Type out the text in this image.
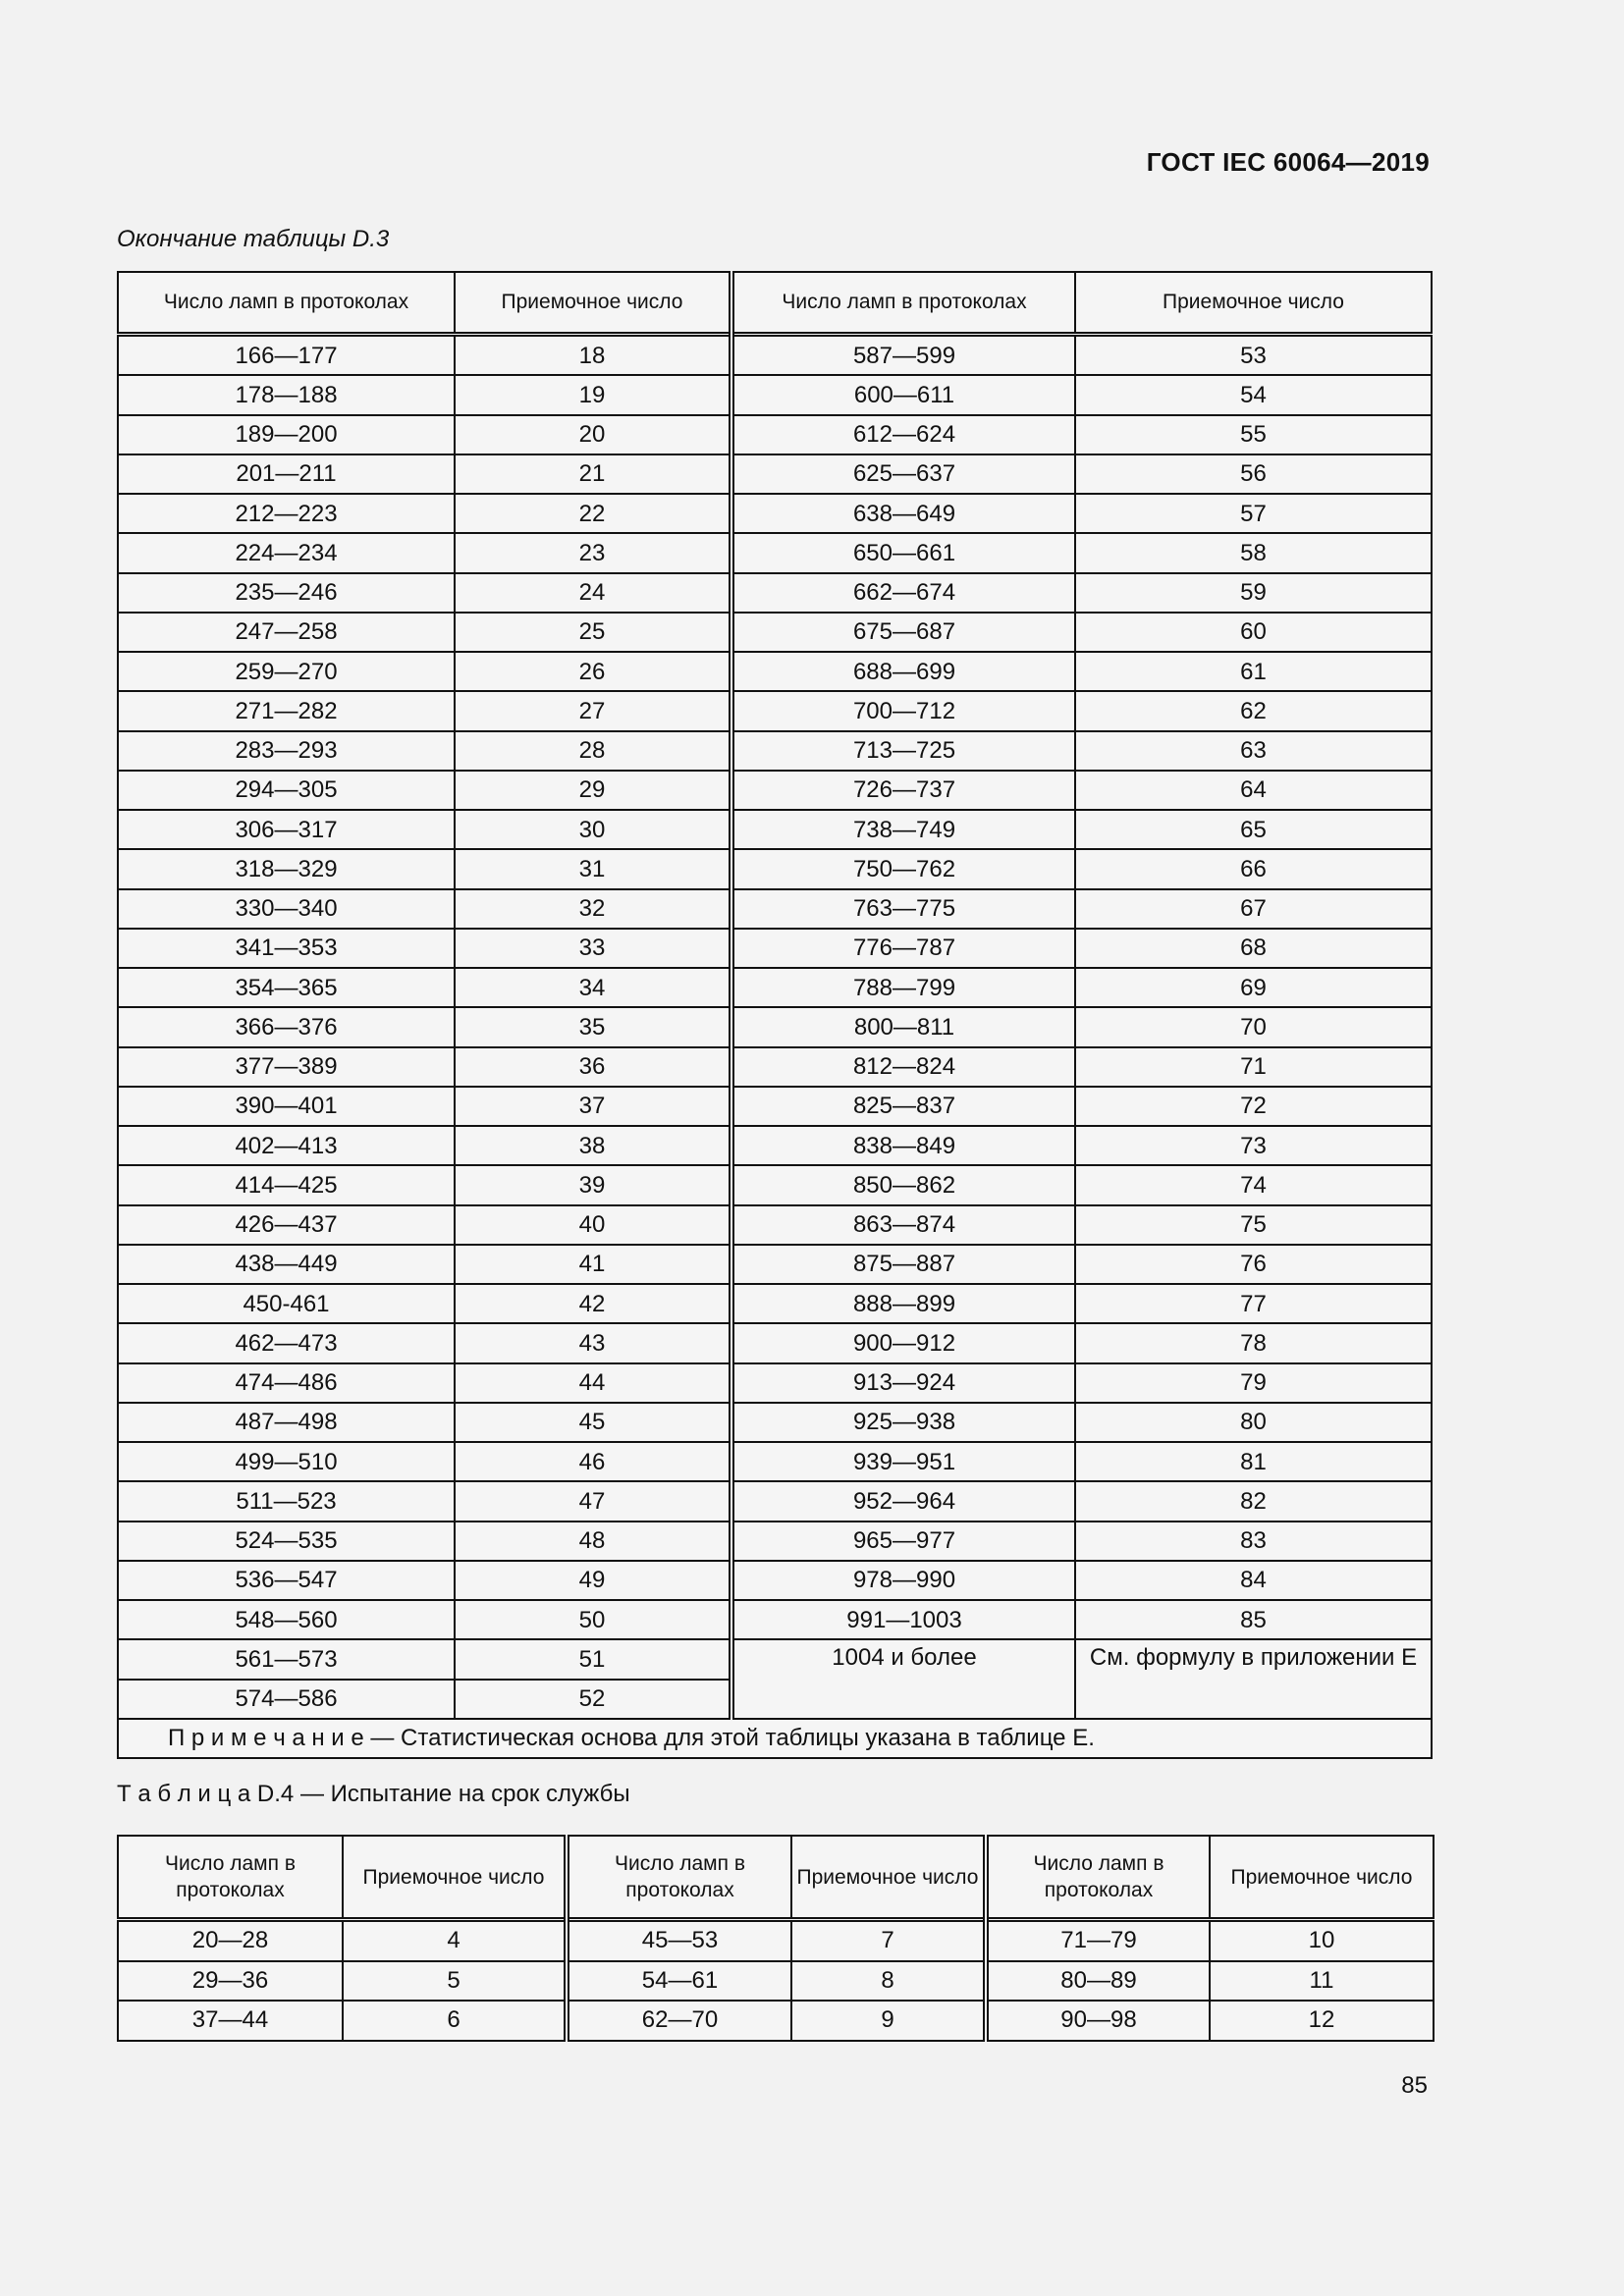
ГОСТ IEC 60064—2019
Окончание таблицы D.3
Число ламп в протоколах	Приемочное число	Число ламп в протоколах	Приемочное число
166—177	18	587—599	53
178—188	19	600—611	54
189—200	20	612—624	55
201—211	21	625—637	56
212—223	22	638—649	57
224—234	23	650—661	58
235—246	24	662—674	59
247—258	25	675—687	60
259—270	26	688—699	61
271—282	27	700—712	62
283—293	28	713—725	63
294—305	29	726—737	64
306—317	30	738—749	65
318—329	31	750—762	66
330—340	32	763—775	67
341—353	33	776—787	68
354—365	34	788—799	69
366—376	35	800—811	70
377—389	36	812—824	71
390—401	37	825—837	72
402—413	38	838—849	73
414—425	39	850—862	74
426—437	40	863—874	75
438—449	41	875—887	76
450-461	42	888—899	77
462—473	43	900—912	78
474—486	44	913—924	79
487—498	45	925—938	80
499—510	46	939—951	81
511—523	47	952—964	82
524—535	48	965—977	83
536—547	49	978—990	84
548—560	50	991—1003	85
561—573	51	1004 и более	См. формулу в приложении Е
574—586	52		
П р и м е ч а н и е — Статистическая основа для этой таблицы указана в таблице Е.			
Т а б л и ц а D.4 — Испытание на срок службы
Число ламп в протоколах	Приемочное число	Число ламп в протоколах	Приемочное число	Число ламп в протоколах	Приемочное число
20—28	4	45—53	7	71—79	10
29—36	5	54—61	8	80—89	11
37—44	6	62—70	9	90—98	12
85
